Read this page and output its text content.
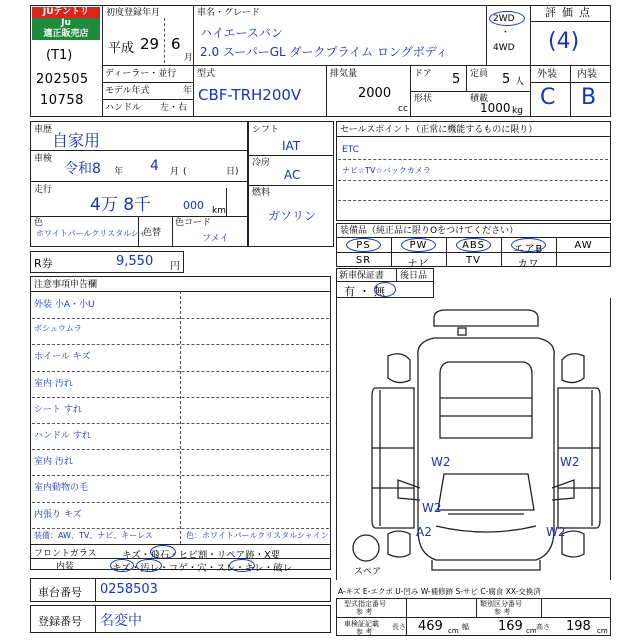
JUテントリ
Ju
適正販売店
(T1)
202505
10758
初度登録年月
平成 29 6
月
車名・グレード
ハイエースバン
2.0 スーパーGL ダークプライム ロングボディ
2WD
・
4WD
評価点
(4)
ディーラー・並行
モデル年式	年
ハンドル 左・右
型式
CBF-TRH200V
排気量
2000
cc
ドア 5 定員 5 人
形状	積載
1000 kg
外装 内装
C B
車歴
自家用
車検
令和8 年 4 月 (	日)
走行
4万 8千	000 km
色
ホワイトパールクリスタルシャ
色替
色コード
フメイ
シフト
IAT
冷房
AC
燃料
ガソリン
R券	9,550 円
セールスポイント（正常に機能するものに限り）
ETC
ナビ☆TV☆バックカメラ
装備品（純正品に限りOをつけてください）
PS	PW	ABS	エアB	AW
SR	ナビ	TV	カワ
新車保証書 後日品
有・無
注意事項申告欄
外装 小A・小U
ボシュウムラ
ホイール キズ
室内 汚れ
シート すれ
ハンドル すれ
室内 汚れ
室内動物の毛
内張り キズ
装備：AW、TV、ナビ、キーレス	色：ホワイトパールクリスタルシャイン
フロントガラス	キズ・飛石・ヒビ割・リペア跡・X要
内装	キズ・汚レ・コゲ・穴・スレ・キレ・破レ
車台番号 0258503
登録番号 名変中
W2	W2
W2
A2	W2
スペア
A-キズ E-エクボ U-凹み W-補修跡 S-サビ C-腐食 XX-交換済
型式指定番号
参 考
類別区分番号
参 考
車検証記載
参 考
長さ 469 cm 幅 169 cm 高さ 198 cm
